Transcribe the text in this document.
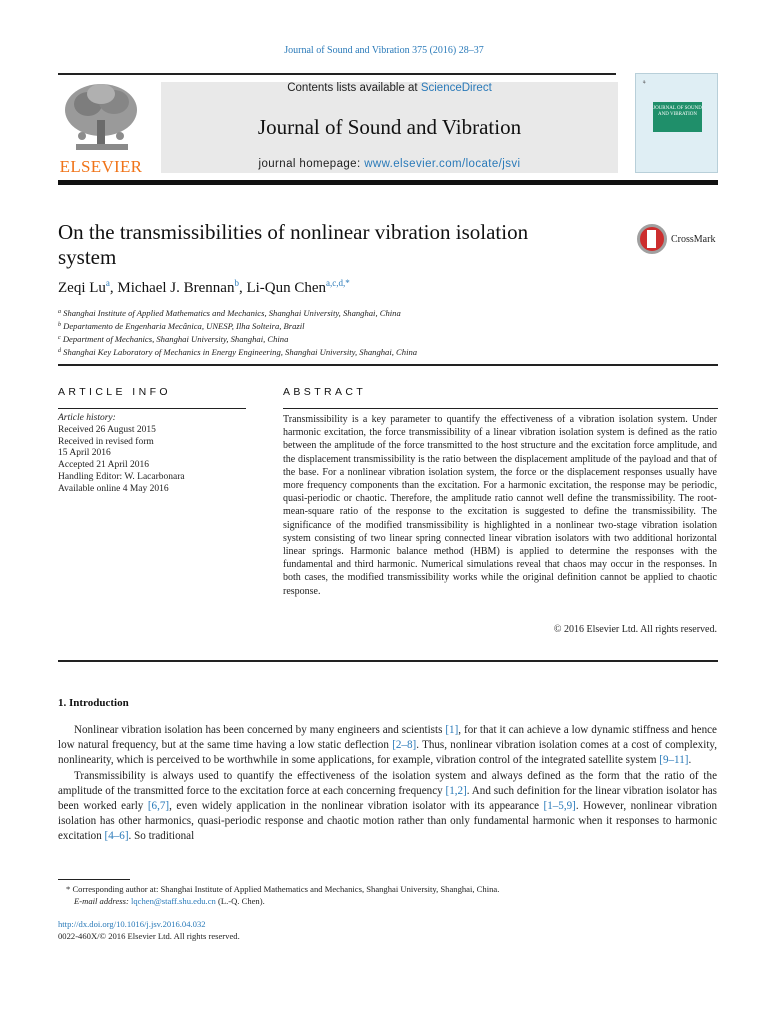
Journal of Sound and Vibration 375 (2016) 28–37
ELSEVIER
Contents lists available at ScienceDirect
Journal of Sound and Vibration
journal homepage: www.elsevier.com/locate/jsvi
⚘
JOURNAL OF SOUND AND VIBRATION
On the transmissibilities of nonlinear vibration isolation system
CrossMark
Zeqi Lu$^a$, Michael J. Brennan$^b$, Li-Qun Chen$^{a,c,d,*}$
$^a$ Shanghai Institute of Applied Mathematics and Mechanics, Shanghai University, Shanghai, China
$^b$ Departamento de Engenharia Mecânica, UNESP, Ilha Solteira, Brazil
$^c$ Department of Mechanics, Shanghai University, Shanghai, China
$^d$ Shanghai Key Laboratory of Mechanics in Energy Engineering, Shanghai University, Shanghai, China
ARTICLE INFO	ABSTRACT
Article history:
Received 26 August 2015
Received in revised form
15 April 2016
Accepted 21 April 2016
Handling Editor: W. Lacarbonara
Available online 4 May 2016
Transmissibility is a key parameter to quantify the effectiveness of a vibration isolation system. Under harmonic excitation, the force transmissibility of a linear vibration isolation system is defined as the ratio between the amplitude of the force transmitted to the host structure and the excitation force amplitude, and the displacement transmissibility is the ratio between the displacement amplitude of the payload and that of the base. For a nonlinear vibration isolation system, the force or the displacement responses usually have more frequency components than the excitation. For a harmonic excitation, the response may be periodic, quasi-periodic or chaotic. Therefore, the amplitude ratio cannot well define the transmissibility. The root-mean-square ratio of the response to the excitation is suggested to define the transmissibility. The significance of the modified transmissibility is highlighted in a nonlinear two-stage vibration isolation system consisting of two linear spring connected linear vibration isolators with two additional horizontal linear springs. Harmonic balance method (HBM) is applied to determine the responses with the fundamental and third harmonic. Numerical simulations reveal that chaos may occur in the responses. In both cases, the modified transmissibility works while the original definition cannot be applied to chaotic response.
© 2016 Elsevier Ltd. All rights reserved.
1. Introduction

Nonlinear vibration isolation has been concerned by many engineers and scientists [1], for that it can achieve a low dynamic stiffness and hence low natural frequency, but at the same time having a low static deflection [2–8]. Thus, nonlinear vibration isolation comes at a cost of complexity, nonlinearity, which is perceived to be worthwhile in some applications, for example, vibration control of the integrated satellite system [9–11].

Transmissibility is always used to quantify the effectiveness of the isolation system and always defined as the form that the ratio of the amplitude of the transmitted force to the excitation force at each concerning frequency [1,2]. And such definition for the linear vibration isolator has been worked early [6,7], even widely application in the nonlinear vibration isolator with its appearance [1–5,9]. However, nonlinear vibration isolation has other harmonics, quasi-periodic response and chaotic motion rather than only fundamental harmonic when it responses to harmonic excitation [4–6]. So traditional

* Corresponding author at: Shanghai Institute of Applied Mathematics and Mechanics, Shanghai University, Shanghai, China.
E-mail address: lqchen@staff.shu.edu.cn (L.-Q. Chen).
http://dx.doi.org/10.1016/j.jsv.2016.04.032
0022-460X/© 2016 Elsevier Ltd. All rights reserved.
